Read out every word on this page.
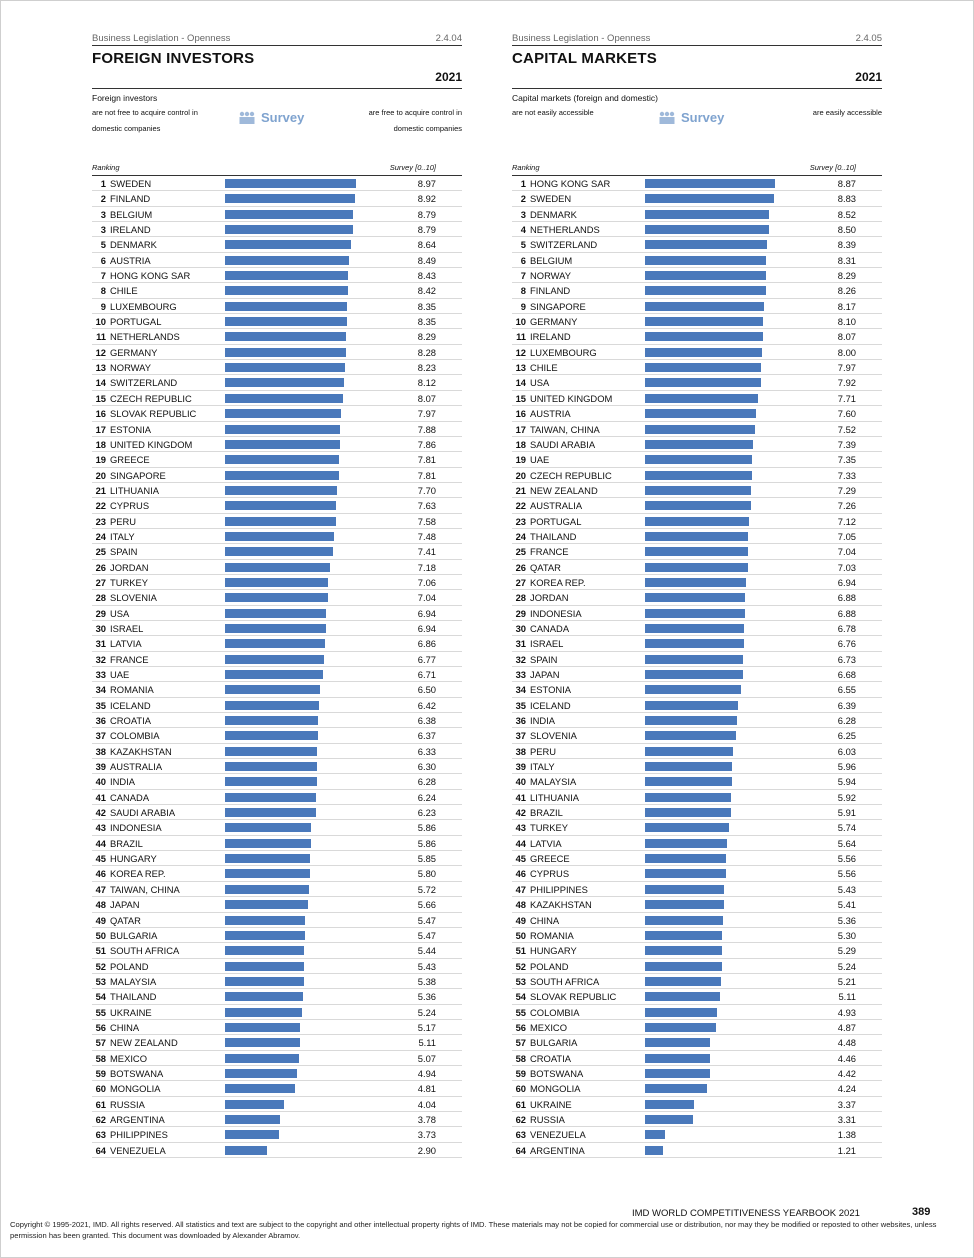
Business Legislation - Openness	2.4.04
FOREIGN INVESTORS
2021
Foreign investors
are not free to acquire control in domestic companies
Survey	are free to acquire control in domestic companies
Ranking	Survey [0..10]
1 SWEDEN	8.97
2 FINLAND	8.92
3 BELGIUM	8.79
3 IRELAND	8.79
5 DENMARK	8.64
6 AUSTRIA	8.49
7 HONG KONG SAR	8.43
8 CHILE	8.42
9 LUXEMBOURG	8.35
10 PORTUGAL	8.35
11 NETHERLANDS	8.29
12 GERMANY	8.28
13 NORWAY	8.23
14 SWITZERLAND	8.12
15 CZECH REPUBLIC	8.07
16 SLOVAK REPUBLIC	7.97
17 ESTONIA	7.88
18 UNITED KINGDOM	7.86
19 GREECE	7.81
20 SINGAPORE	7.81
21 LITHUANIA	7.70
22 CYPRUS	7.63
23 PERU	7.58
24 ITALY	7.48
25 SPAIN	7.41
26 JORDAN	7.18
27 TURKEY	7.06
28 SLOVENIA	7.04
29 USA	6.94
30 ISRAEL	6.94
31 LATVIA	6.86
32 FRANCE	6.77
33 UAE	6.71
34 ROMANIA	6.50
35 ICELAND	6.42
36 CROATIA	6.38
37 COLOMBIA	6.37
38 KAZAKHSTAN	6.33
39 AUSTRALIA	6.30
40 INDIA	6.28
41 CANADA	6.24
42 SAUDI ARABIA	6.23
43 INDONESIA	5.86
44 BRAZIL	5.86
45 HUNGARY	5.85
46 KOREA REP.	5.80
47 TAIWAN, CHINA	5.72
48 JAPAN	5.66
49 QATAR	5.47
50 BULGARIA	5.47
51 SOUTH AFRICA	5.44
52 POLAND	5.43
53 MALAYSIA	5.38
54 THAILAND	5.36
55 UKRAINE	5.24
56 CHINA	5.17
57 NEW ZEALAND	5.11
58 MEXICO	5.07
59 BOTSWANA	4.94
60 MONGOLIA	4.81
61 RUSSIA	4.04
62 ARGENTINA	3.78
63 PHILIPPINES	3.73
64 VENEZUELA	2.90
Business Legislation - Openness	2.4.05
CAPITAL MARKETS
2021
Capital markets (foreign and domestic)
are not easily accessible	Survey	are easily accessible
Ranking	Survey [0..10]
1 HONG KONG SAR	8.87
2 SWEDEN	8.83
3 DENMARK	8.52
4 NETHERLANDS	8.50
5 SWITZERLAND	8.39
6 BELGIUM	8.31
7 NORWAY	8.29
8 FINLAND	8.26
9 SINGAPORE	8.17
10 GERMANY	8.10
11 IRELAND	8.07
12 LUXEMBOURG	8.00
13 CHILE	7.97
14 USA	7.92
15 UNITED KINGDOM	7.71
16 AUSTRIA	7.60
17 TAIWAN, CHINA	7.52
18 SAUDI ARABIA	7.39
19 UAE	7.35
20 CZECH REPUBLIC	7.33
21 NEW ZEALAND	7.29
22 AUSTRALIA	7.26
23 PORTUGAL	7.12
24 THAILAND	7.05
25 FRANCE	7.04
26 QATAR	7.03
27 KOREA REP.	6.94
28 JORDAN	6.88
29 INDONESIA	6.88
30 CANADA	6.78
31 ISRAEL	6.76
32 SPAIN	6.73
33 JAPAN	6.68
34 ESTONIA	6.55
35 ICELAND	6.39
36 INDIA	6.28
37 SLOVENIA	6.25
38 PERU	6.03
39 ITALY	5.96
40 MALAYSIA	5.94
41 LITHUANIA	5.92
42 BRAZIL	5.91
43 TURKEY	5.74
44 LATVIA	5.64
45 GREECE	5.56
46 CYPRUS	5.56
47 PHILIPPINES	5.43
48 KAZAKHSTAN	5.41
49 CHINA	5.36
50 ROMANIA	5.30
51 HUNGARY	5.29
52 POLAND	5.24
53 SOUTH AFRICA	5.21
54 SLOVAK REPUBLIC	5.11
55 COLOMBIA	4.93
56 MEXICO	4.87
57 BULGARIA	4.48
58 CROATIA	4.46
59 BOTSWANA	4.42
60 MONGOLIA	4.24
61 UKRAINE	3.37
62 RUSSIA	3.31
63 VENEZUELA	1.38
64 ARGENTINA	1.21
IMD WORLD COMPETITIVENESS YEARBOOK 2021	389
Copyright © 1995-2021, IMD. All rights reserved. All statistics and text are subject to the copyright and other intellectual property rights of IMD. These materials may not be copied for commercial use or distribution, nor may they be modified or reposted to other websites, unless permission has been granted. This document was downloaded by Alexander Abramov.
